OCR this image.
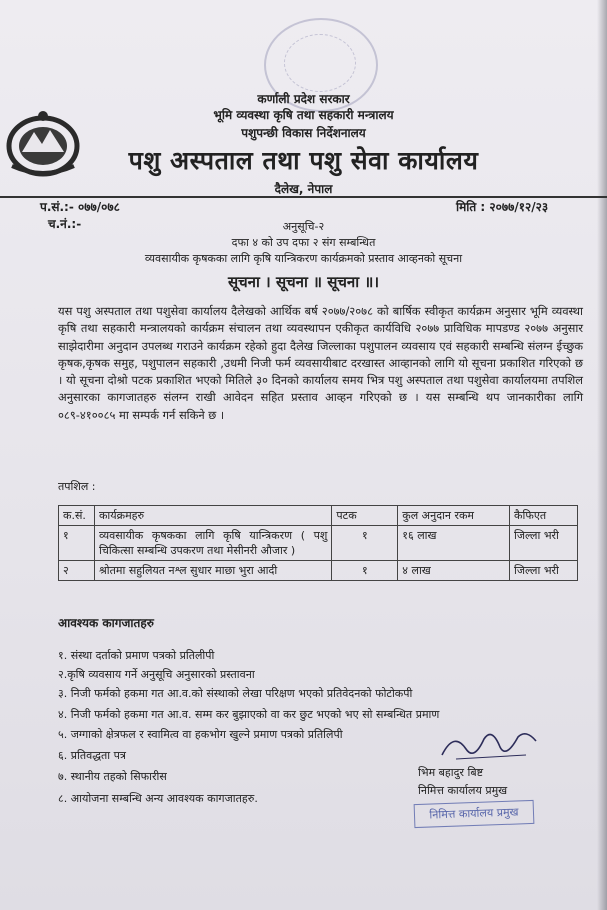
कर्णाली प्रदेश सरकार
भूमि व्यवस्था कृषि तथा सहकारी मन्त्रालय
पशुपन्छी विकास निर्देशनालय
पशु अस्पताल तथा पशु सेवा कार्यालय
दैलेख, नेपाल
प.सं.:- ०७७/०७८
च.नं.:-
मिति : २०७७/१२/२३
अनुसूचि-२
दफा ४ को उप दफा २ संग सम्बन्धित
व्यवसायीक कृषकका लागि कृषि यान्त्रिकरण कार्यक्रमको प्रस्ताव आव्हनको सूचना
सूचना । सूचना ॥ सूचना ॥।
यस पशु अस्पताल तथा पशुसेवा कार्यालय दैलेखको आर्थिक बर्ष २०७७/२०७८ को बार्षिक स्वीकृत कार्यक्रम अनुसार भूमि व्यवस्था कृषि तथा सहकारी मन्त्रालयको कार्यक्रम संचालन तथा व्यवस्थापन एकीकृत कार्यविधि २०७७ प्राविधिक मापडण्ड २०७७ अनुसार साझेदारीमा अनुदान उपलब्ध गराउने कार्यक्रम रहेको हुदा दैलेख जिल्लाका पशुपालन व्यवसाय एवं सहकारी सम्बन्धि संलग्न ईच्छुक कृषक,कृषक समुह, पशुपालन सहकारी ,उधमी निजी फर्म व्यवसायीबाट दरखास्त आव्हानको लागि यो सूचना प्रकाशित गरिएको छ । यो सूचना दोश्रो पटक प्रकाशित भएको मितिले ३० दिनको कार्यालय समय भित्र पशु अस्पताल तथा पशुसेवा कार्यालयमा तपशिल अनुसारका कागजातहरु संलग्न राखी आवेदन सहित प्रस्ताव आव्हन गरिएको छ । यस सम्बन्धि थप जानकारीका लागि ०८९-४१००८५ मा सम्पर्क गर्न सकिने छ ।
तपशिल :
क.सं.	कार्यक्रमहरु	पटक	कुल अनुदान रकम	कैफिएत
१	व्यवसायीक कृषकका लागि कृषि यान्त्रिकरण ( पशु चिकित्सा सम्बन्धि उपकरण तथा मेसीनरी औजार )	१	१६ लाख	जिल्ला भरी
२	श्रोतमा सहुलियत नश्ल सुधार माछा भुरा आदी	१	४ लाख	जिल्ला भरी
आवश्यक कागजातहरु
१. संस्था दर्ताको प्रमाण पत्रको प्रतिलीपी
२.कृषि व्यवसाय गर्ने अनुसूचि अनुसारको प्रस्तावना
३. निजी फर्मको हकमा गत आ.व.को संस्थाको लेखा परिक्षण भएको प्रतिवेदनको फोटोकपी
४. निजी फर्मको हकमा गत आ.व. सम्म कर बुझाएको वा कर छुट भएको भए सो सम्बन्धित प्रमाण
५. जग्गाको क्षेत्रफल र स्वामित्व वा हकभोग खुल्ने प्रमाण पत्रको प्रतिलिपी
६. प्रतिवद्धता पत्र
७. स्थानीय तहको सिफारीस
८. आयोजना सम्बन्धि अन्य आवश्यक कागजातहरु.
भिम बहादुर बिष्ट
निमित्त कार्यालय प्रमुख
निमित्त कार्यालय प्रमुख
